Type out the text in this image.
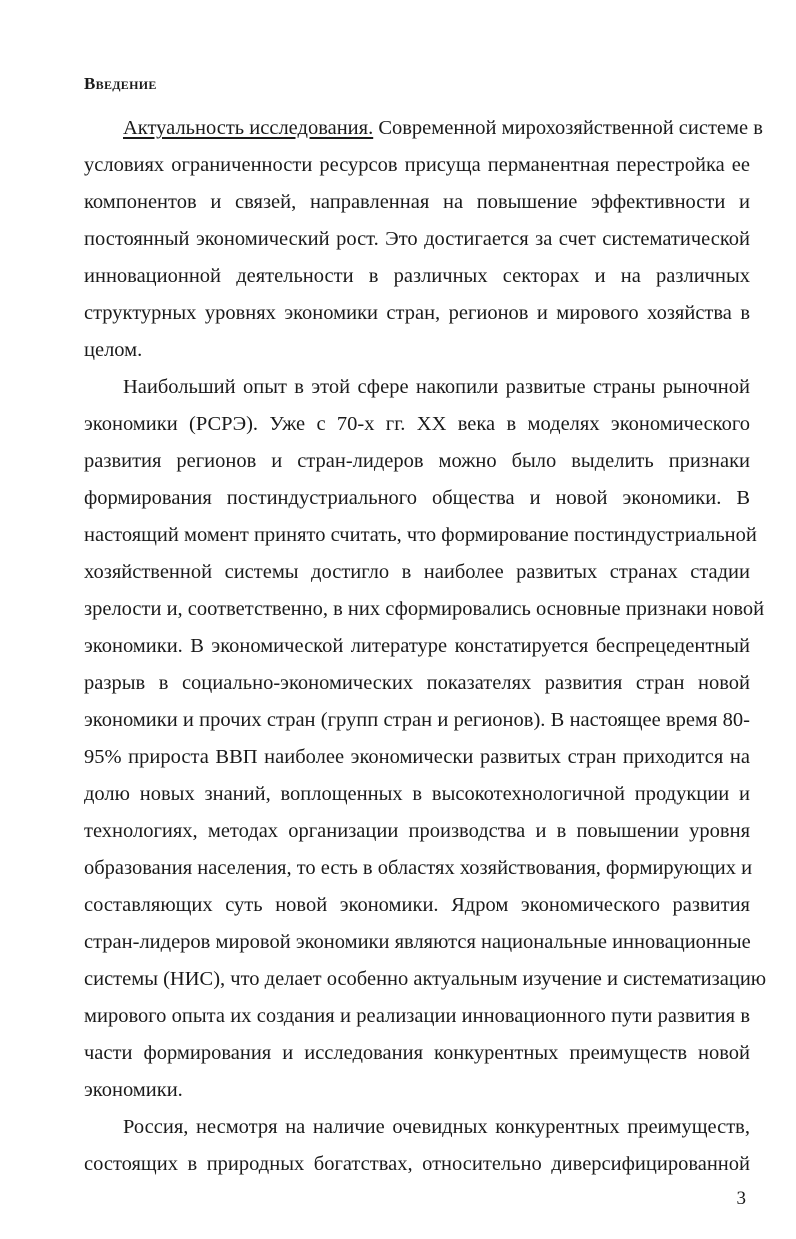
Введение
Актуальность исследования. Современной мирохозяйственной системе в
условиях ограниченности ресурсов присуща перманентная перестройка ее
компонентов и связей, направленная на повышение эффективности и
постоянный экономический рост. Это достигается за счет систематической
инновационной деятельности в различных секторах и на различных
структурных уровнях экономики стран, регионов и мирового хозяйства в
целом.
Наибольший опыт в этой сфере накопили развитые страны рыночной
экономики (РСРЭ). Уже с 70-х гг. XX века в моделях экономического
развития регионов и стран-лидеров можно было выделить признаки
формирования постиндустриального общества и новой экономики. В
настоящий момент принято считать, что формирование постиндустриальной
хозяйственной системы достигло в наиболее развитых странах стадии
зрелости и, соответственно, в них сформировались основные признаки новой
экономики. В экономической литературе констатируется беспрецедентный
разрыв в социально-экономических показателях развития стран новой
экономики и прочих стран (групп стран и регионов). В настоящее время 80-
95% прироста ВВП наиболее экономически развитых стран приходится на
долю новых знаний, воплощенных в высокотехнологичной продукции и
технологиях, методах организации производства и в повышении уровня
образования населения, то есть в областях хозяйствования, формирующих и
составляющих суть новой экономики. Ядром экономического развития
стран-лидеров мировой экономики являются национальные инновационные
системы (НИС), что делает особенно актуальным изучение и систематизацию
мирового опыта их создания и реализации инновационного пути развития в
части формирования и исследования конкурентных преимуществ новой
экономики.
Россия, несмотря на наличие очевидных конкурентных преимуществ,
состоящих в природных богатствах, относительно диверсифицированной
3
